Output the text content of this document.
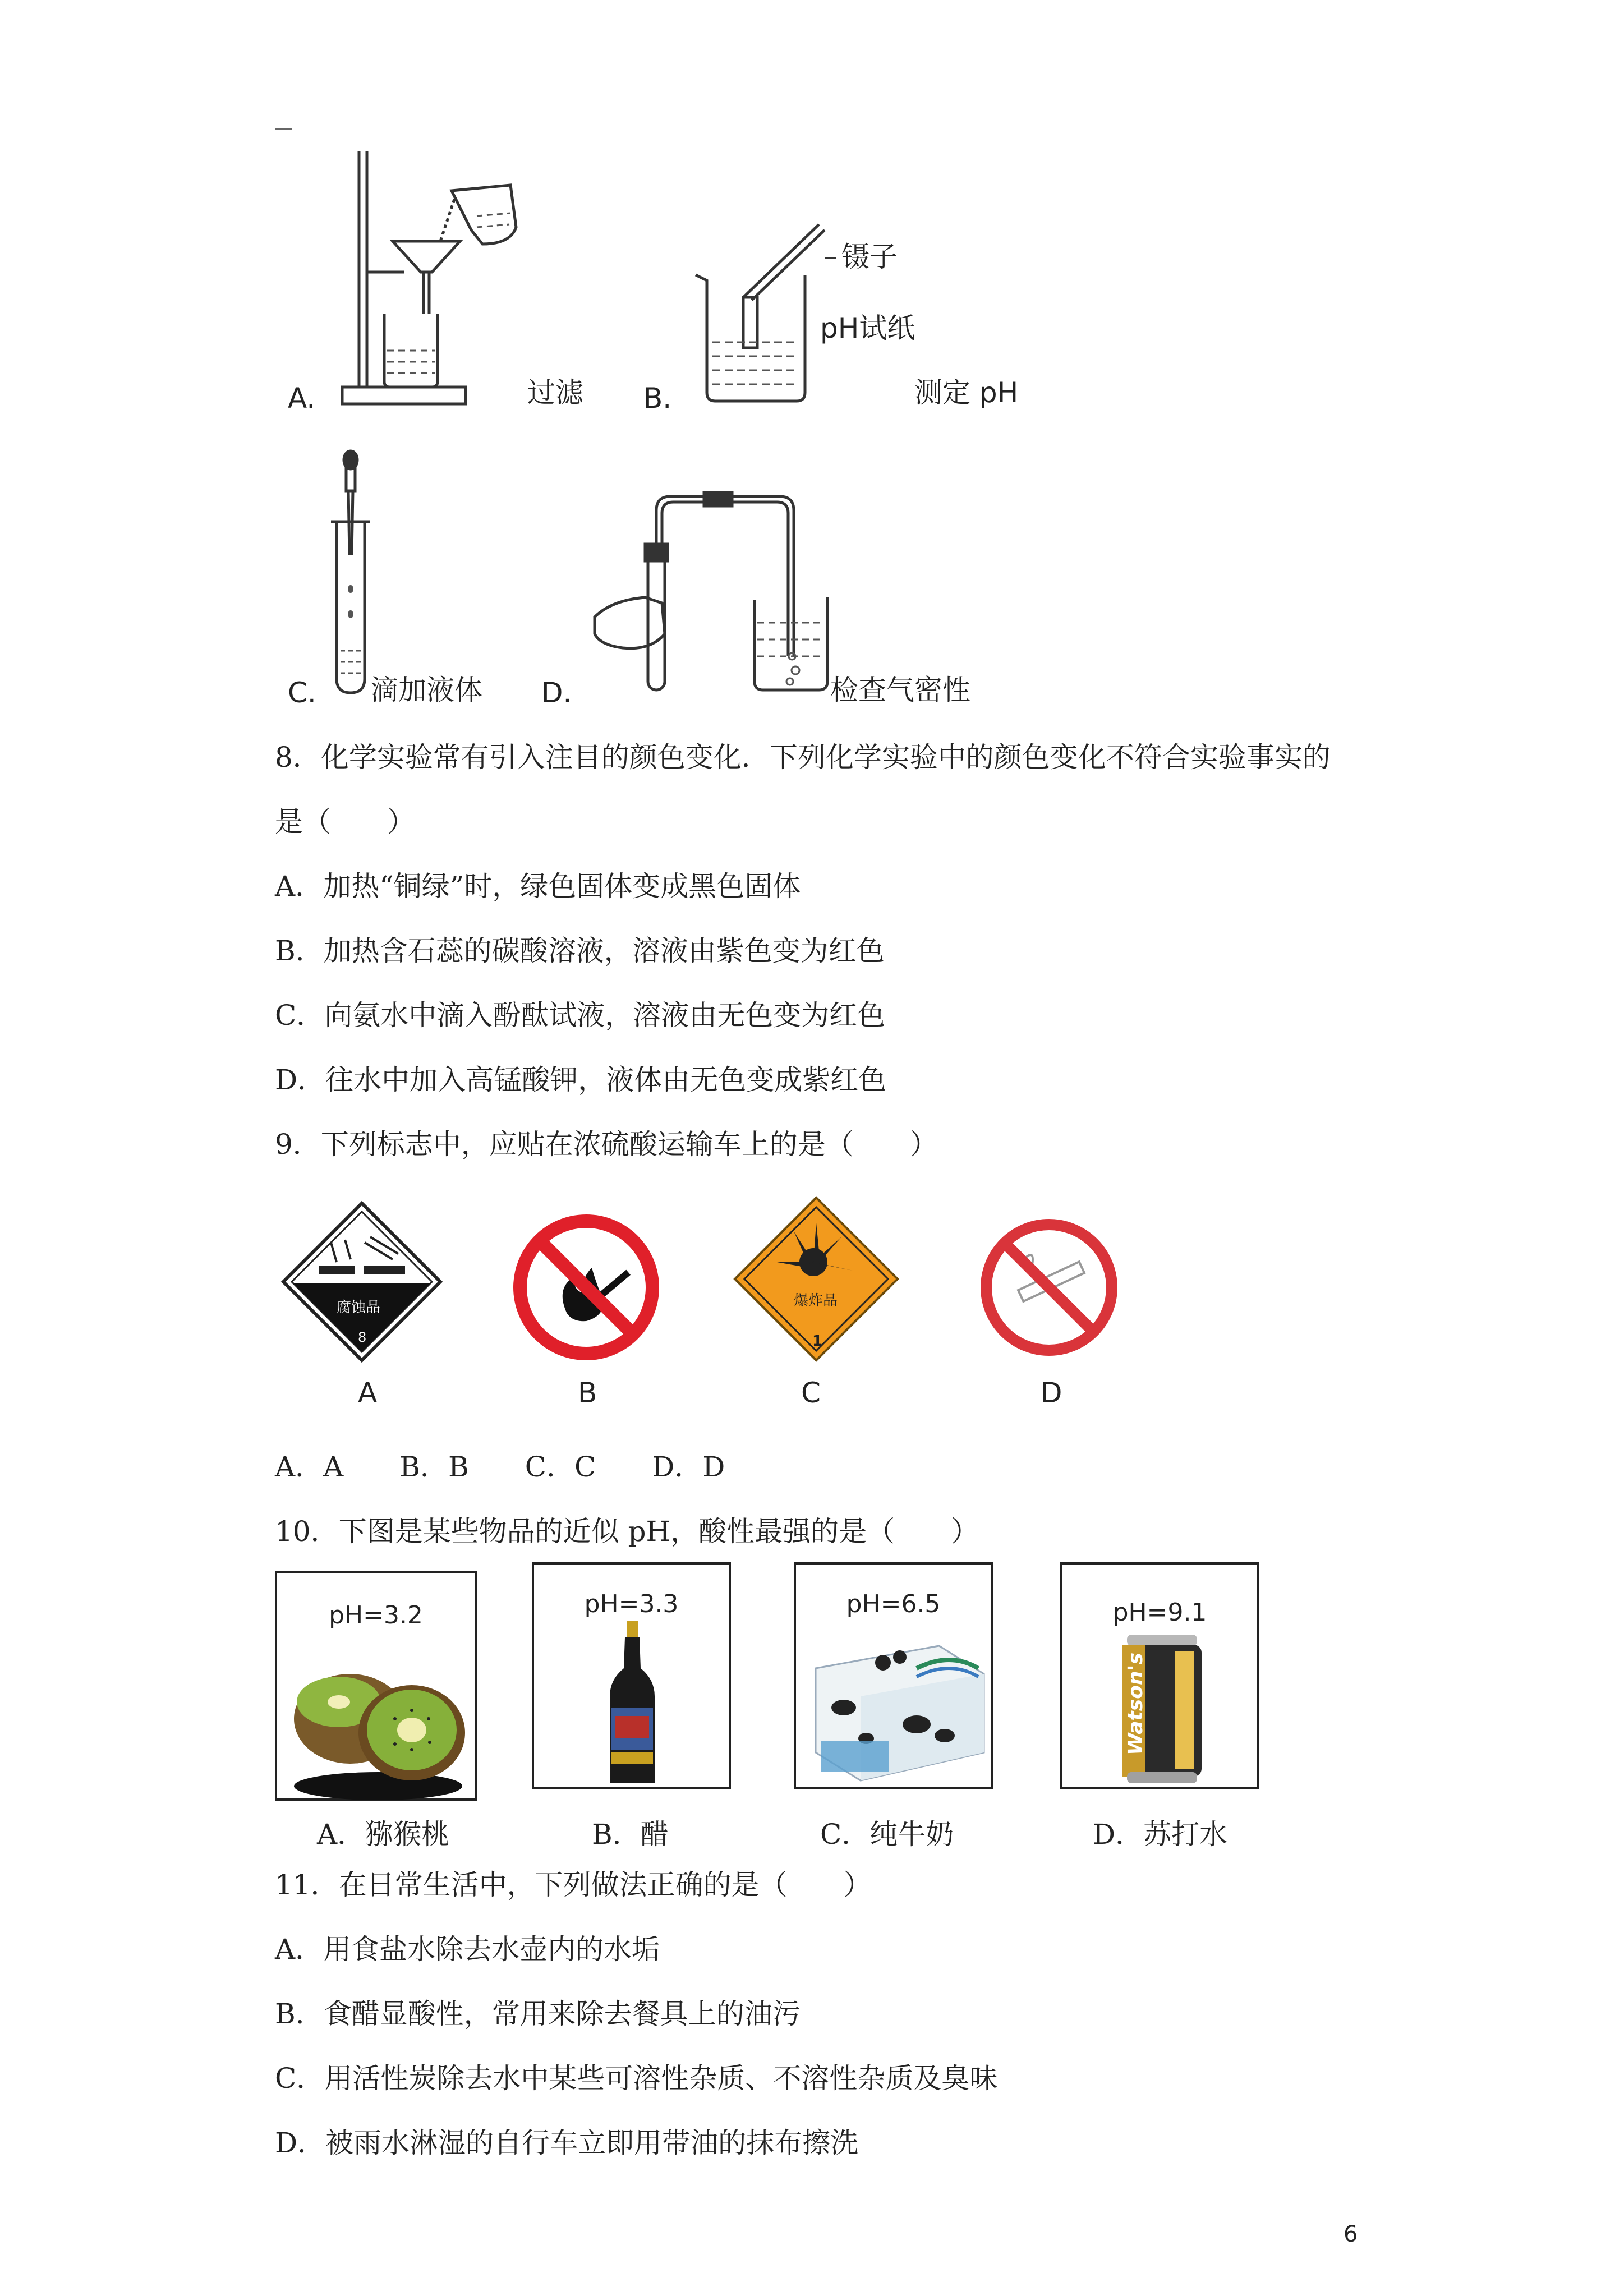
A.	过滤
镊子
pH试纸
B.	测定 pH
C. 滴加液体 D.	检查气密性
8．化学实验常有引入注目的颜色变化．下列化学实验中的颜色变化不符合实验事实的
是（　　）
A．加热“铜绿”时，绿色固体变成黑色固体
B．加热含石蕊的碳酸溶液，溶液由紫色变为红色
C．向氨水中滴入酚酞试液，溶液由无色变为红色
D．往水中加入高锰酸钾，液体由无色变成紫红色
9．下列标志中，应贴在浓硫酸运输车上的是（　　）
腐蚀品
8
A	B
爆炸品
1
C	D
A．A　　B．B　　C．C　　D．D
10．下图是某些物品的近似 pH，酸性最强的是（　　）
pH=3.2
A．猕猴桃
pH=3.3
B．醋
pH=6.5
C．纯牛奶
pH=9.1
Watson's
D．苏打水
11．在日常生活中，下列做法正确的是（　　）
A．用食盐水除去水壶内的水垢
B．食醋显酸性，常用来除去餐具上的油污
C．用活性炭除去水中某些可溶性杂质、不溶性杂质及臭味
D．被雨水淋湿的自行车立即用带油的抹布擦洗
6
